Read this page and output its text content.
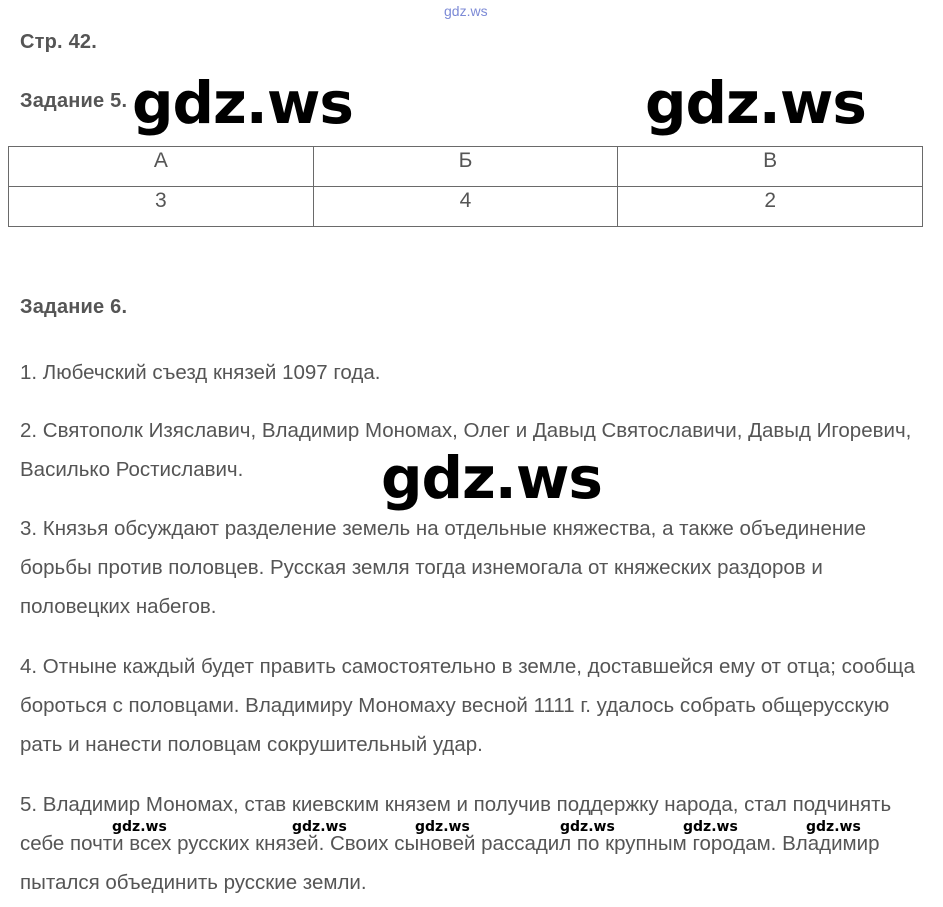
gdz.ws
Стр. 42.
Задание 5.
А	Б	В
3	4	2
gdz.ws	gdz.ws
Задание 6.

1. Любечский съезд князей 1097 года.

2. Святополк Изяславич, Владимир Мономах, Олег и Давыд Святославичи, Давыд Игоревич, Василько Ростиславич.

3. Князья обсуждают разделение земель на отдельные княжества, а также объединение борьбы против половцев. Русская земля тогда изнемогала от княжеских раздоров и половецких набегов.

4. Отныне каждый будет править самостоятельно в земле, доставшейся ему от отца; сообща бороться с половцами. Владимиру Мономаху весной 1111 г. удалось собрать общерусскую рать и нанести половцам сокрушительный удар.

5. Владимир Мономах, став киевским князем и получив поддержку народа, стал подчинять себе почти всех русских князей. Своих сыновей рассадил по крупным городам. Владимир пытался объединить русские земли.

gdz.ws
gdz.ws	gdz.ws	gdz.ws	gdz.ws	gdz.ws	gdz.ws
